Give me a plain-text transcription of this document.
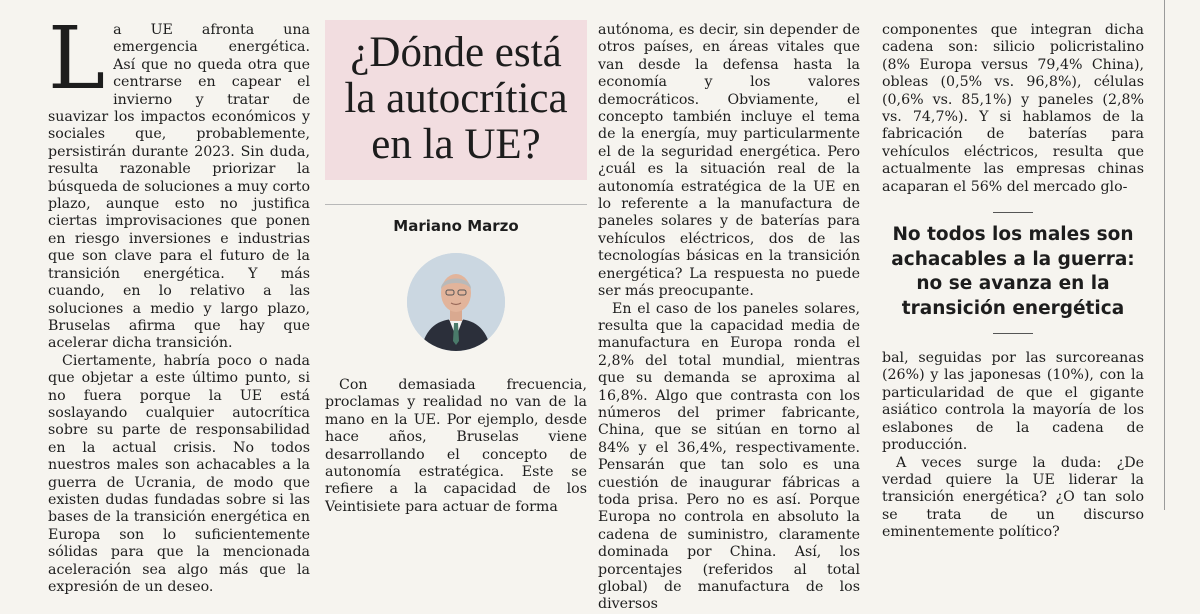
La UE afronta una emergencia energética. Así que no queda otra que centrarse en capear el invierno y tratar de suavizar los impactos económicos y sociales que, probablemente, persistirán durante 2023. Sin duda, resulta razonable priorizar la búsqueda de soluciones a muy corto plazo, aunque esto no justifica ciertas improvisaciones que ponen en riesgo inversiones e industrias que son clave para el futuro de la transición energética. Y más cuando, en lo relativo a las soluciones a medio y largo plazo, Bruselas afirma que hay que acelerar dicha transición.

Ciertamente, habría poco o nada que objetar a este último punto, si no fuera porque la UE está soslayando cualquier autocrítica sobre su parte de responsabilidad en la actual crisis. No todos nuestros males son achacables a la guerra de Ucrania, de modo que existen dudas fundadas sobre si las bases de la transición energética en Europa son lo suficientemente sólidas para que la mencionada aceleración sea algo más que la expresión de un deseo.

¿Dónde está la autocrítica en la UE?
Mariano Marzo

Con demasiada frecuencia, proclamas y realidad no van de la mano en la UE. Por ejemplo, desde hace años, Bruselas viene desarrollando el concepto de autonomía estratégica. Este se refiere a la capacidad de los Veintisiete para actuar de forma

autónoma, es decir, sin depender de otros países, en áreas vitales que van desde la defensa hasta la economía y los valores democráticos. Obviamente, el concepto también incluye el tema de la energía, muy particularmente el de la seguridad energética. Pero ¿cuál es la situación real de la autonomía estratégica de la UE en lo referente a la manufactura de paneles solares y de baterías para vehículos eléctricos, dos de las tecnologías básicas en la transición energética? La respuesta no puede ser más preocupante.

En el caso de los paneles solares, resulta que la capacidad media de manufactura en Europa ronda el 2,8% del total mundial, mientras que su demanda se aproxima al 16,8%. Algo que contrasta con los números del primer fabricante, China, que se sitúan en torno al 84% y el 36,4%, respectivamente. Pensarán que tan solo es una cuestión de inaugurar fábricas a toda prisa. Pero no es así. Porque Europa no controla en absoluto la cadena de suministro, claramente dominada por China. Así, los porcentajes (referidos al total global) de manufactura de los diversos

componentes que integran dicha cadena son: silicio policristalino (8% Europa versus 79,4% China), obleas (0,5% vs. 96,8%), células (0,6% vs. 85,1%) y paneles (2,8% vs. 74,7%). Y si hablamos de la fabricación de baterías para vehículos eléctricos, resulta que actualmente las empresas chinas acaparan el 56% del mercado glo-

No todos los males son achacables a la guerra: no se avanza en la transición energética

bal, seguidas por las surcoreanas (26%) y las japonesas (10%), con la particularidad de que el gigante asiático controla la mayoría de los eslabones de la cadena de producción.

A veces surge la duda: ¿De verdad quiere la UE liderar la transición energética? ¿O tan solo se trata de un discurso eminentemente político?
